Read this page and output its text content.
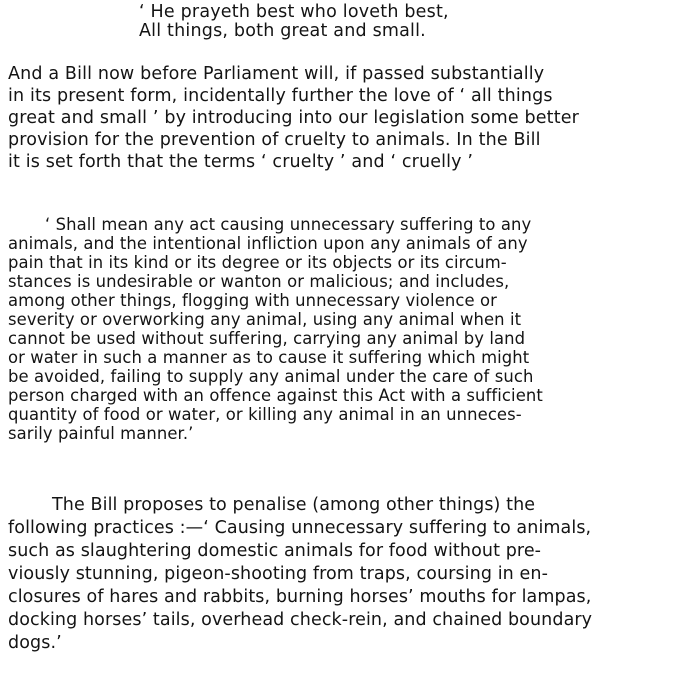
‘ He prayeth best who loveth best,
All things, both great and small.
And a Bill now before Parliament will, if passed substantially
in its present form, incidentally further the love of ‘ all things
great and small ’ by introducing into our legislation some better
provision for the prevention of cruelty to animals. In the Bill
it is set forth that the terms ‘ cruelty ’ and ‘ cruelly ’
‘ Shall mean any act causing unnecessary suffering to any
animals, and the intentional infliction upon any animals of any
pain that in its kind or its degree or its objects or its circum-
stances is undesirable or wanton or malicious; and includes,
among other things, flogging with unnecessary violence or
severity or overworking any animal, using any animal when it
cannot be used without suffering, carrying any animal by land
or water in such a manner as to cause it suffering which might
be avoided, failing to supply any animal under the care of such
person charged with an offence against this Act with a sufficient
quantity of food or water, or killing any animal in an unneces-
sarily painful manner.’
The Bill proposes to penalise (among other things) the
following practices :—‘ Causing unnecessary suffering to animals,
such as slaughtering domestic animals for food without pre-
viously stunning, pigeon-shooting from traps, coursing in en-
closures of hares and rabbits, burning horses’ mouths for lampas,
docking horses’ tails, overhead check-rein, and chained boundary
dogs.’
